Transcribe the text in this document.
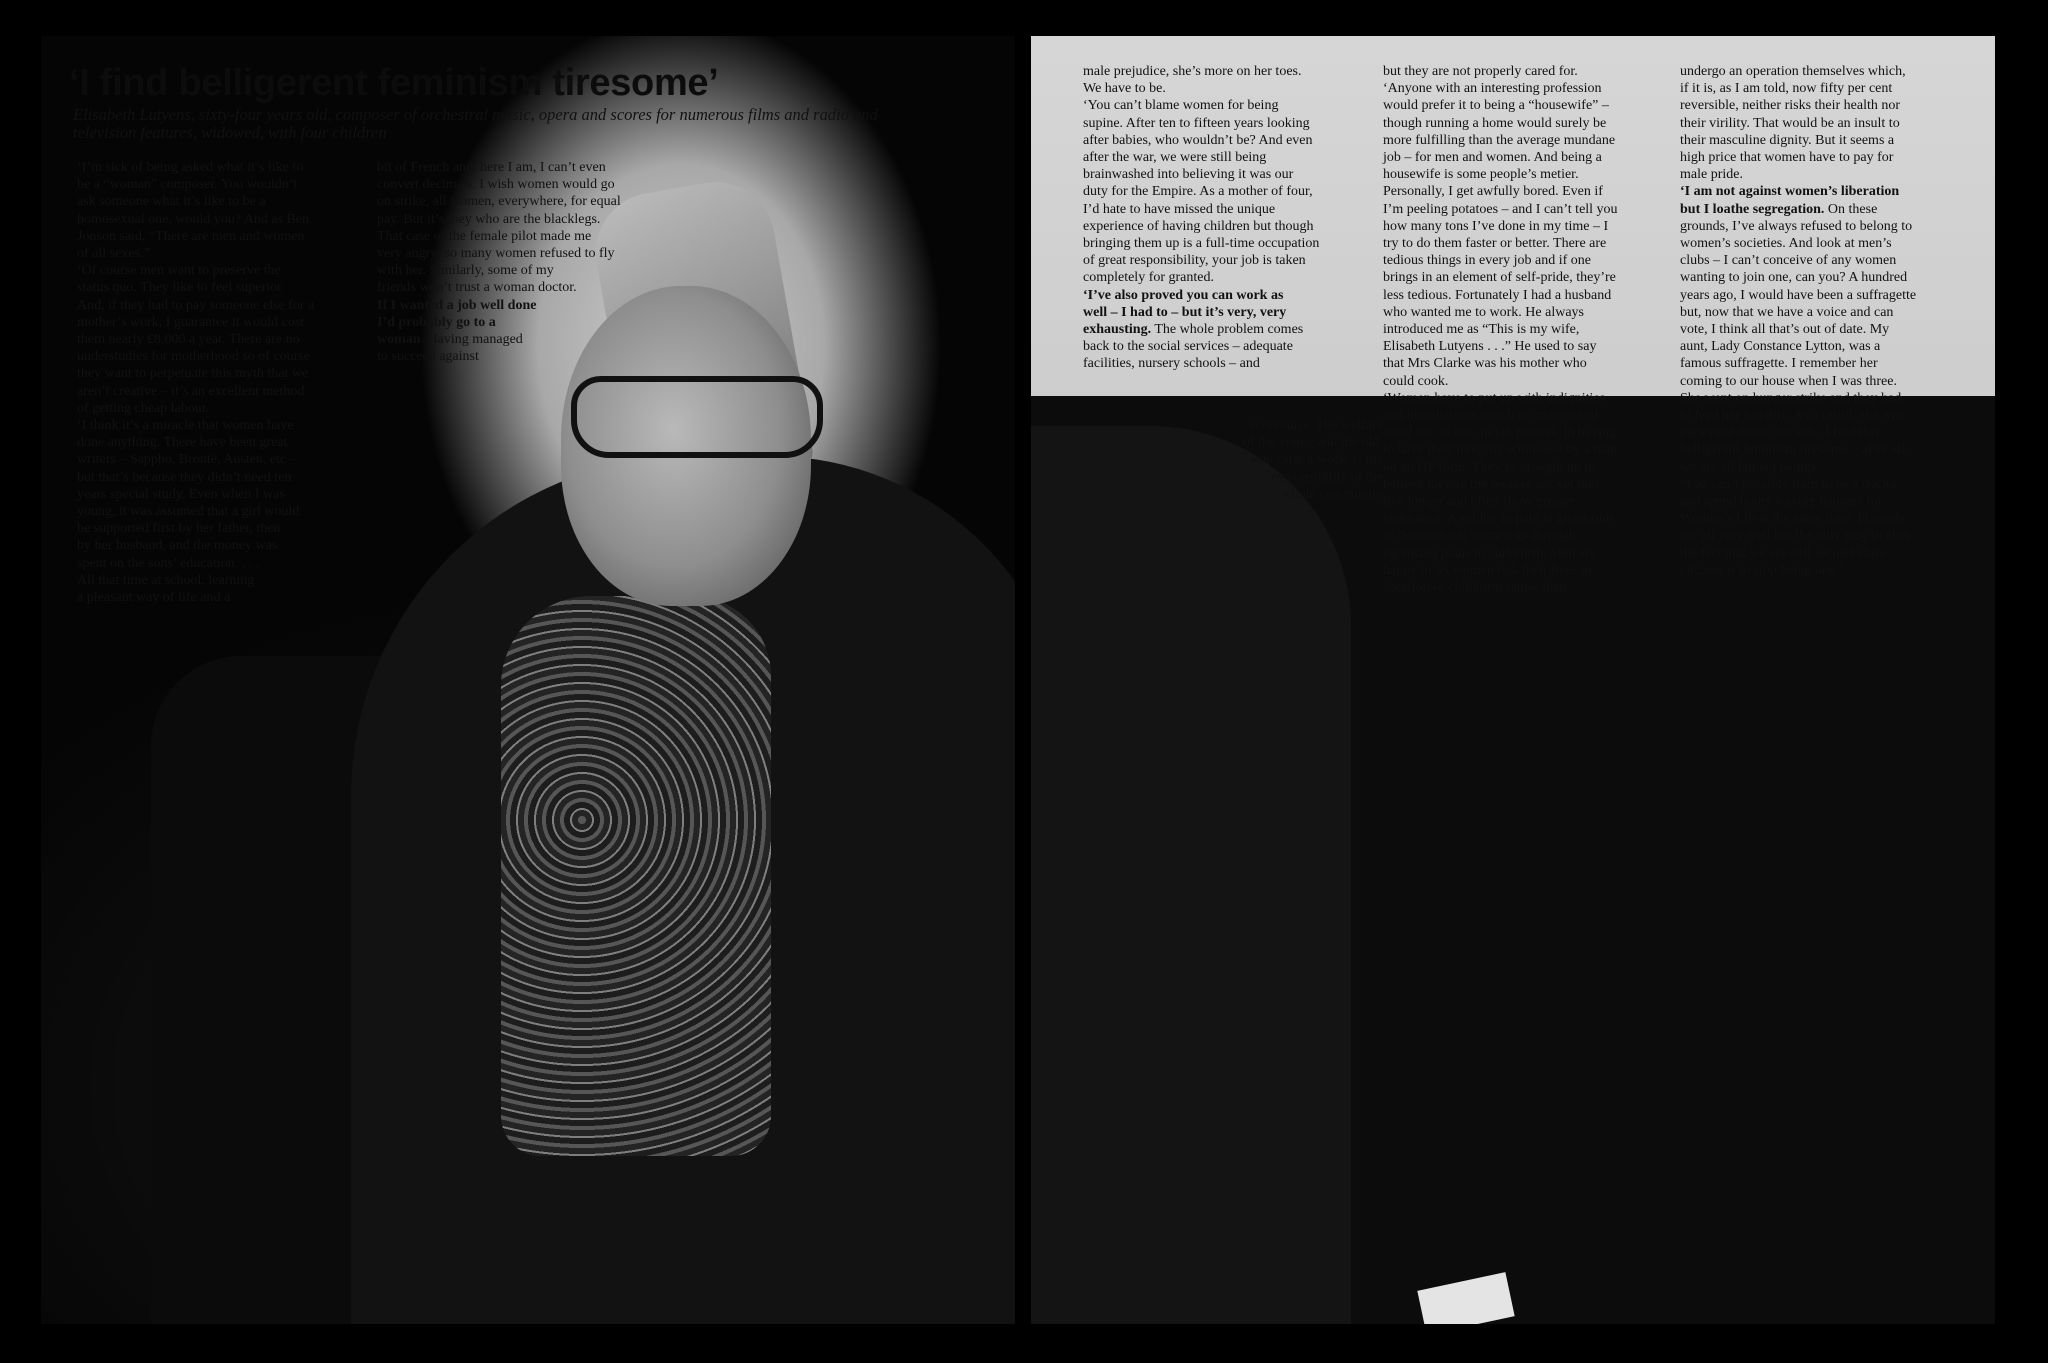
‘I find belligerent feminism tiresome’

Elisabeth Lutyens, sixty-four years old, composer of orchestral music, opera and scores for numerous films and radio and television features, widowed, with four children

‘I’m sick of being asked what it’s like to

be a “woman” composer. You wouldn’t

ask someone what it’s like to be a

homosexual one, would you? And as Ben

Jonson said, “There are men and women

of all sexes.”

‘Of course men want to preserve the

status quo. They like to feel superior.

And, if they had to pay someone else for a

mother’s work, I guarantee it would cost

them nearly £8,000 a year. There are no

understudies for motherhood so of course

they want to perpetuate this myth that we

aren’t creative – it’s an excellent method

of getting cheap labour.

‘I think it’s a miracle that women have

done anything. There have been great

writers – Sappho, Brontë, Austen, etc –

but that’s because they didn’t need ten

years special study. Even when I was

young, it was assumed that a girl would

be supported first by her father, then

by her husband, and the money was

spent on the sons’ education. . . .

All that time at school, learning

a pleasant way of life and a

bit of French and, here I am, I can’t even

convert decimals. I wish women would go

on strike, all women, everywhere, for equal

pay. But it’s they who are the blacklegs.

That case of the female pilot made me

very angry; so many women refused to fly

with her. Similarly, some of my

friends won’t trust a woman doctor.

If I wanted a job well done

I’d probably go to a

woman. Having managed

to succeed against

male prejudice, she’s more on her toes.

We have to be.

‘You can’t blame women for being

supine. After ten to fifteen years looking

after babies, who wouldn’t be? And even

after the war, we were still being

brainwashed into believing it was our

duty for the Empire. As a mother of four,

I’d hate to have missed the unique

experience of having children but though

bringing them up is a full-time occupation

of great responsibility, your job is taken

completely for granted.

‘I’ve also proved you can work as

well – I had to – but it’s very, very

exhausting. The whole problem comes

back to the social services – adequate

facilities, nursery schools – and

economics. The welfare

of the young and the old,

who cannot work, is the

responsibility of the

whole community

but they are not properly cared for.

‘Anyone with an interesting profession

would prefer it to being a “housewife” –

though running a home would surely be

more fulfilling than the average mundane

job – for men and women. And being a

housewife is some people’s metier.

Personally, I get awfully bored. Even if

I’m peeling potatoes – and I can’t tell you

how many tons I’ve done in my time – I

try to do them faster or better. There are

tedious things in every job and if one

brings in an element of self-pride, they’re

less tedious. Fortunately I had a husband

who wanted me to work. He always

introduced me as “This is my wife,

Elisabeth Lutyens . . .” He used to say

that Mrs Clarke was his mother who

could cook.

‘Women have to put up with indignities

and humiliations which no man would

stand for: in law, in tax matters, in having

to have their integrity witnessed by a man

on an HP form. They’re brought up to

believe they’re the weaker sex yet they

live longer and often show greater

endurance. A soldier in pain is given rum

or decorations; women go through

agonising pains in childbirth. Men are

happy to let women risk their lives in

abortion or childbirth rather than

undergo an operation themselves which,

if it is, as I am told, now fifty per cent

reversible, neither risks their health nor

their virility. That would be an insult to

their masculine dignity. But it seems a

high price that women have to pay for

male pride.

‘I am not against women’s liberation

but I loathe segregation. On these

grounds, I’ve always refused to belong to

women’s societies. And look at men’s

clubs – I can’t conceive of any women

wanting to join one, can you? A hundred

years ago, I would have been a suffragette

but, now that we have a voice and can

vote, I think all that’s out of date. My

aunt, Lady Constance Lytton, was a

famous suffragette. I remember her

coming to our house when I was three.

She went on hunger strike and they had

to feed her forcibly. As a result, she was

paralysed down one side. I find this

belligerent feminism tiresome – after all,

we are all human beings.

‘You can’t possibly train to be a doctor

and spend hours waving banners for

Women’s Lib at the same time. Placards

are all very well but the only way to alter

the fact that we are still second-class

citizens is to stop being one.’
